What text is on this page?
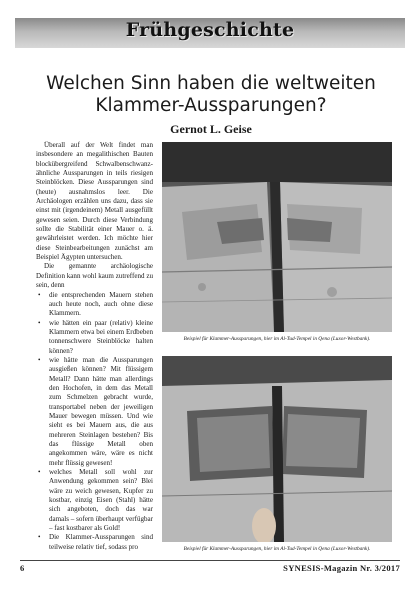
Frühgeschichte
Welchen Sinn haben die weltweiten
Klammer-Aussparungen?
Gernot L. Geise

Überall auf der Welt findet man insbesondere an megalithischen Bauten blockübergreifend Schwalbenschwanz-ähnliche Aussparungen in teils riesigen Steinblöcken. Diese Aussparungen sind (heute) ausnahmslos leer. Die Archäologen erzählen uns dazu, dass sie einst mit (irgendeinem) Metall ausgefüllt gewesen seien. Durch diese Verbindung sollte die Stabilität einer Mauer o. ä. gewährleistet werden. Ich möchte hier diese Steinbearbeitungen zunächst am Beispiel Ägypten untersuchen.

Die gemannte archäologische Definition kann wohl kaum zutreffend zu sein, denn

• die entsprechenden Mauern stehen auch heute noch, auch ohne diese Klammern.
• wie hätten ein paar (relativ) kleine Klammern etwa bei einem Erdbeben tonnenschwere Steinblöcke halten können?
• wie hätte man die Aussparungen ausgießen können? Mit flüssigem Metall? Dann hätte man allerdings den Hochofen, in dem das Metall zum Schmelzen gebracht wurde, transportabel neben der jeweiligen Mauer bewegen müssen. Und wie sieht es bei Mauern aus, die aus mehreren Steinlagen bestehen? Bis das flüssige Metall oben angekommen wäre, wäre es nicht mehr flüssig gewesen!
• welches Metall soll wohl zur Anwendung gekommen sein? Blei wäre zu weich gewesen, Kupfer zu kostbar, einzig Eisen (Stahl) hätte sich angeboten, doch das war damals – sofern überhaupt verfügbar – fast kostbarer als Gold!
• Die Klammer-Aussparungen sind teilweise relativ tief, sodass pro
Beispiel für Klammer-Aussparungen, hier im Al-Tud-Tempel in Qena (Luxor-Westbank).
Beispiel für Klammer-Aussparungen, hier im Al-Tud-Tempel in Qena (Luxor-Westbank).
6	SYNESIS-Magazin Nr. 3/2017
